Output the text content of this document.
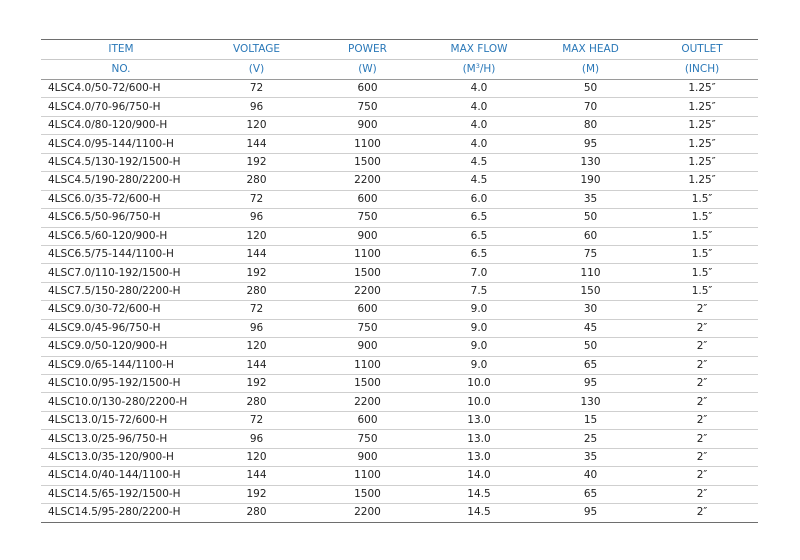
ITEM	VOLTAGE	POWER	MAX FLOW	MAX HEAD	OUTLET
NO.	(V)	(W)	$(M^3/H)$	(M)	(INCH)
4LSC4.0/50-72/600-H	72	600	4.0	50	1.25″
4LSC4.0/70-96/750-H	96	750	4.0	70	1.25″
4LSC4.0/80-120/900-H	120	900	4.0	80	1.25″
4LSC4.0/95-144/1100-H	144	1100	4.0	95	1.25″
4LSC4.5/130-192/1500-H	192	1500	4.5	130	1.25″
4LSC4.5/190-280/2200-H	280	2200	4.5	190	1.25″
4LSC6.0/35-72/600-H	72	600	6.0	35	1.5″
4LSC6.5/50-96/750-H	96	750	6.5	50	1.5″
4LSC6.5/60-120/900-H	120	900	6.5	60	1.5″
4LSC6.5/75-144/1100-H	144	1100	6.5	75	1.5″
4LSC7.0/110-192/1500-H	192	1500	7.0	110	1.5″
4LSC7.5/150-280/2200-H	280	2200	7.5	150	1.5″
4LSC9.0/30-72/600-H	72	600	9.0	30	2″
4LSC9.0/45-96/750-H	96	750	9.0	45	2″
4LSC9.0/50-120/900-H	120	900	9.0	50	2″
4LSC9.0/65-144/1100-H	144	1100	9.0	65	2″
4LSC10.0/95-192/1500-H	192	1500	10.0	95	2″
4LSC10.0/130-280/2200-H	280	2200	10.0	130	2″
4LSC13.0/15-72/600-H	72	600	13.0	15	2″
4LSC13.0/25-96/750-H	96	750	13.0	25	2″
4LSC13.0/35-120/900-H	120	900	13.0	35	2″
4LSC14.0/40-144/1100-H	144	1100	14.0	40	2″
4LSC14.5/65-192/1500-H	192	1500	14.5	65	2″
4LSC14.5/95-280/2200-H	280	2200	14.5	95	2″
